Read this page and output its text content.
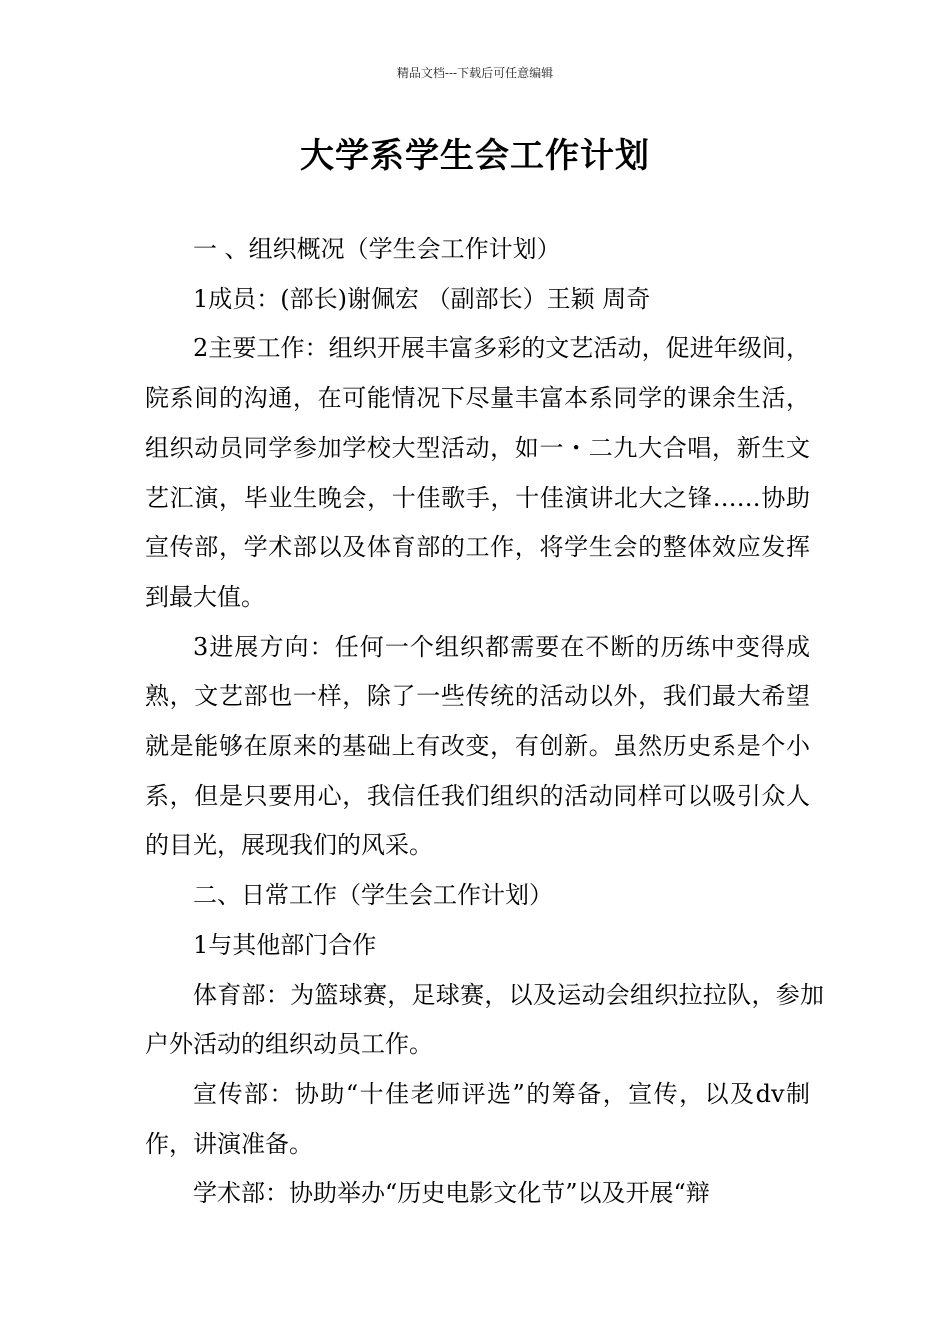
精品文档---下载后可任意编辑
大学系学生会工作计划

一 、组织概况（学生会工作计划）

1成员：(部长)谢佩宏 （副部长）王颖 周奇

2主要工作：组织开展丰富多彩的文艺活动，促进年级间，院系间的沟通，在可能情况下尽量丰富本系同学的课余生活，组织动员同学参加学校大型活动，如一・二九大合唱，新生文艺汇演，毕业生晚会，十佳歌手，十佳演讲北大之锋……协助宣传部，学术部以及体育部的工作，将学生会的整体效应发挥到最大值。

3进展方向：任何一个组织都需要在不断的历练中变得成熟，文艺部也一样，除了一些传统的活动以外，我们最大希望就是能够在原来的基础上有改变，有创新。虽然历史系是个小系，但是只要用心，我信任我们组织的活动同样可以吸引众人的目光，展现我们的风采。

二、日常工作（学生会工作计划）

1与其他部门合作

体育部：为篮球赛，足球赛，以及运动会组织拉拉队，参加户外活动的组织动员工作。

宣传部：协助“十佳老师评选”的筹备，宣传，以及dv制作，讲演准备。

学术部：协助举办“历史电影文化节”以及开展“辩
